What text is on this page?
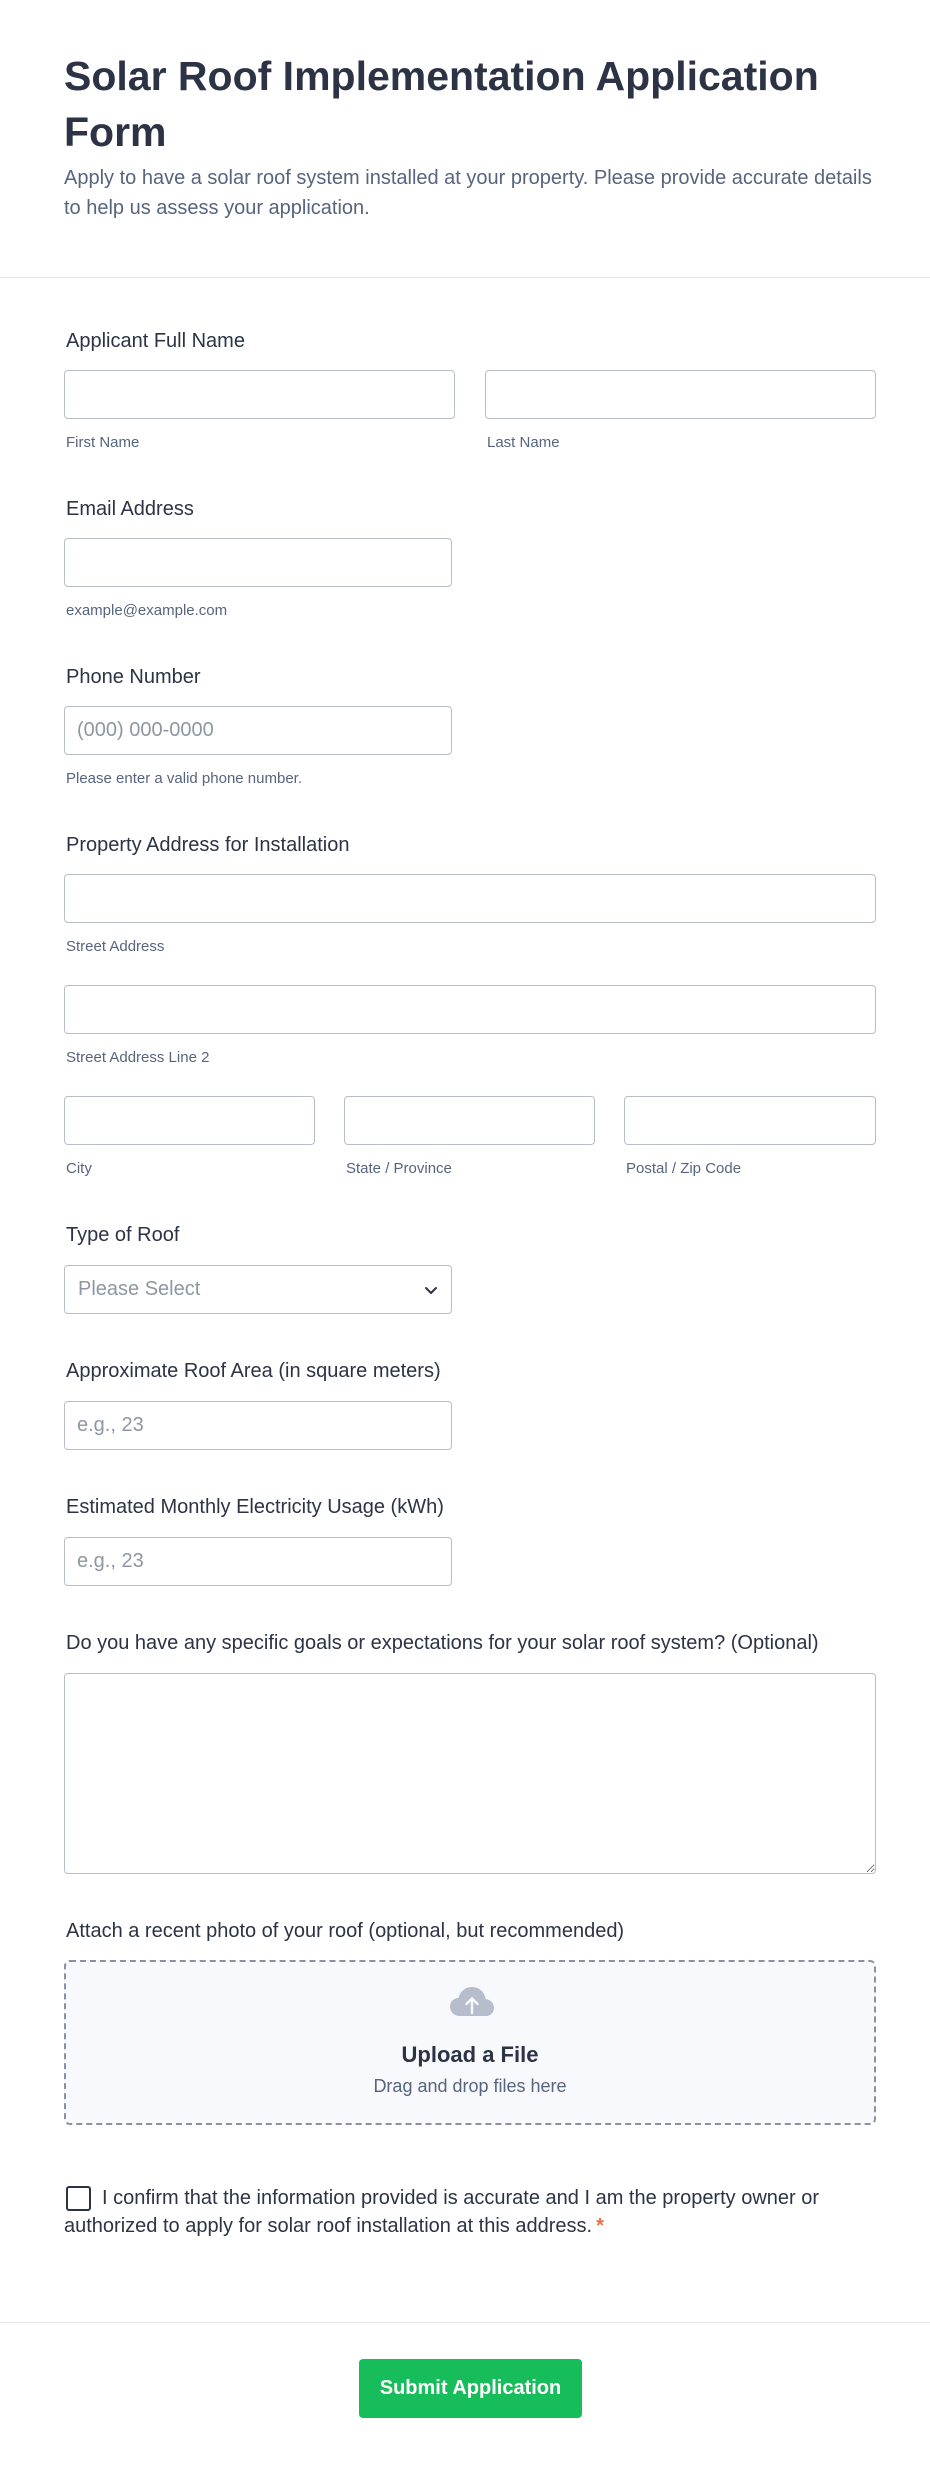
Solar Roof Implementation Application Form

Apply to have a solar roof system installed at your property. Please provide accurate details to help us assess your application.

Applicant Full Name
First Name	Last Name
Email Address
example@example.com
Phone Number
(000) 000-0000
Please enter a valid phone number.
Property Address for Installation
Street Address
Street Address Line 2
City	State / Province	Postal / Zip Code
Type of Roof
Please Select
Approximate Roof Area (in square meters)
e.g., 23
Estimated Monthly Electricity Usage (kWh)
e.g., 23
Do you have any specific goals or expectations for your solar roof system? (Optional)
Attach a recent photo of your roof (optional, but recommended)
Upload a File
Drag and drop files here

I confirm that the information provided is accurate and I am the property owner or authorized to apply for solar roof installation at this address. *

Submit Application
